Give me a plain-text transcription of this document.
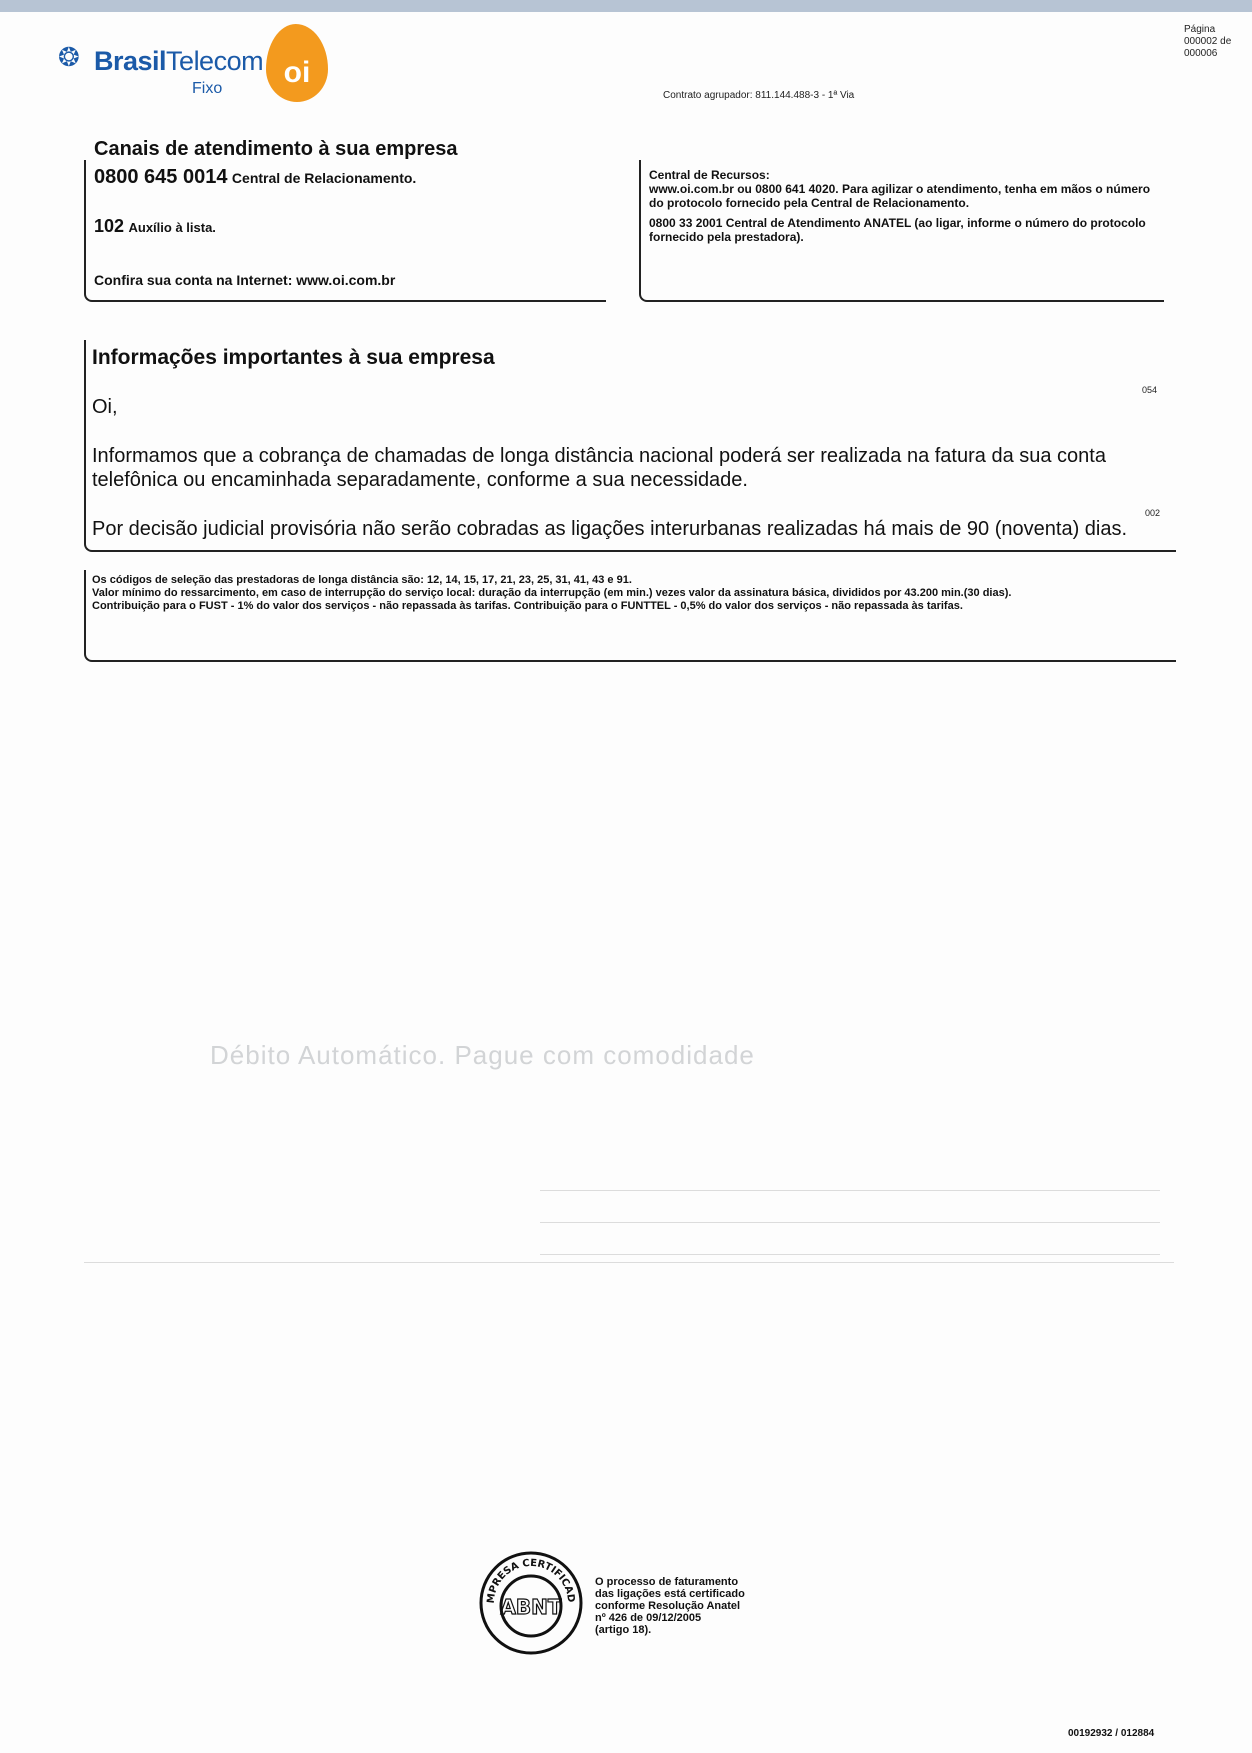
❂ BrasilTelecom
Fixo	oi
Página
000002 de
000006
Contrato agrupador: 811.144.488-3 - 1ª Via
Canais de atendimento à sua empresa
0800 645 0014 Central de Relacionamento.
102 Auxílio à lista.
Confira sua conta na Internet: www.oi.com.br

Central de Recursos:

www.oi.com.br ou 0800 641 4020. Para agilizar o atendimento, tenha em mãos o número do protocolo fornecido pela Central de Relacionamento.

0800 33 2001 Central de Atendimento ANATEL (ao ligar, informe o número do protocolo fornecido pela prestadora).

Informações importantes à sua empresa
054
Oi,
Informamos que a cobrança de chamadas de longa distância nacional poderá ser realizada na fatura da sua conta telefônica ou encaminhada separadamente, conforme a sua necessidade.
002
Por decisão judicial provisória não serão cobradas as ligações interurbanas realizadas há mais de 90 (noventa) dias.

Os códigos de seleção das prestadoras de longa distância são: 12, 14, 15, 17, 21, 23, 25, 31, 41, 43 e 91.

Valor mínimo do ressarcimento, em caso de interrupção do serviço local: duração da interrupção (em min.) vezes valor da assinatura básica, divididos por 43.200 min.(30 dias).

Contribuição para o FUST - 1% do valor dos serviços - não repassada às tarifas. Contribuição para o FUNTTEL - 0,5% do valor dos serviços - não repassada às tarifas.

Débito Automático. Pague com comodidade
MPRESA CERTIFICAD
ABNT

O processo de faturamento

das ligações está certificado

conforme Resolução Anatel

nº 426 de 09/12/2005

(artigo 18).

00192932 / 012884
